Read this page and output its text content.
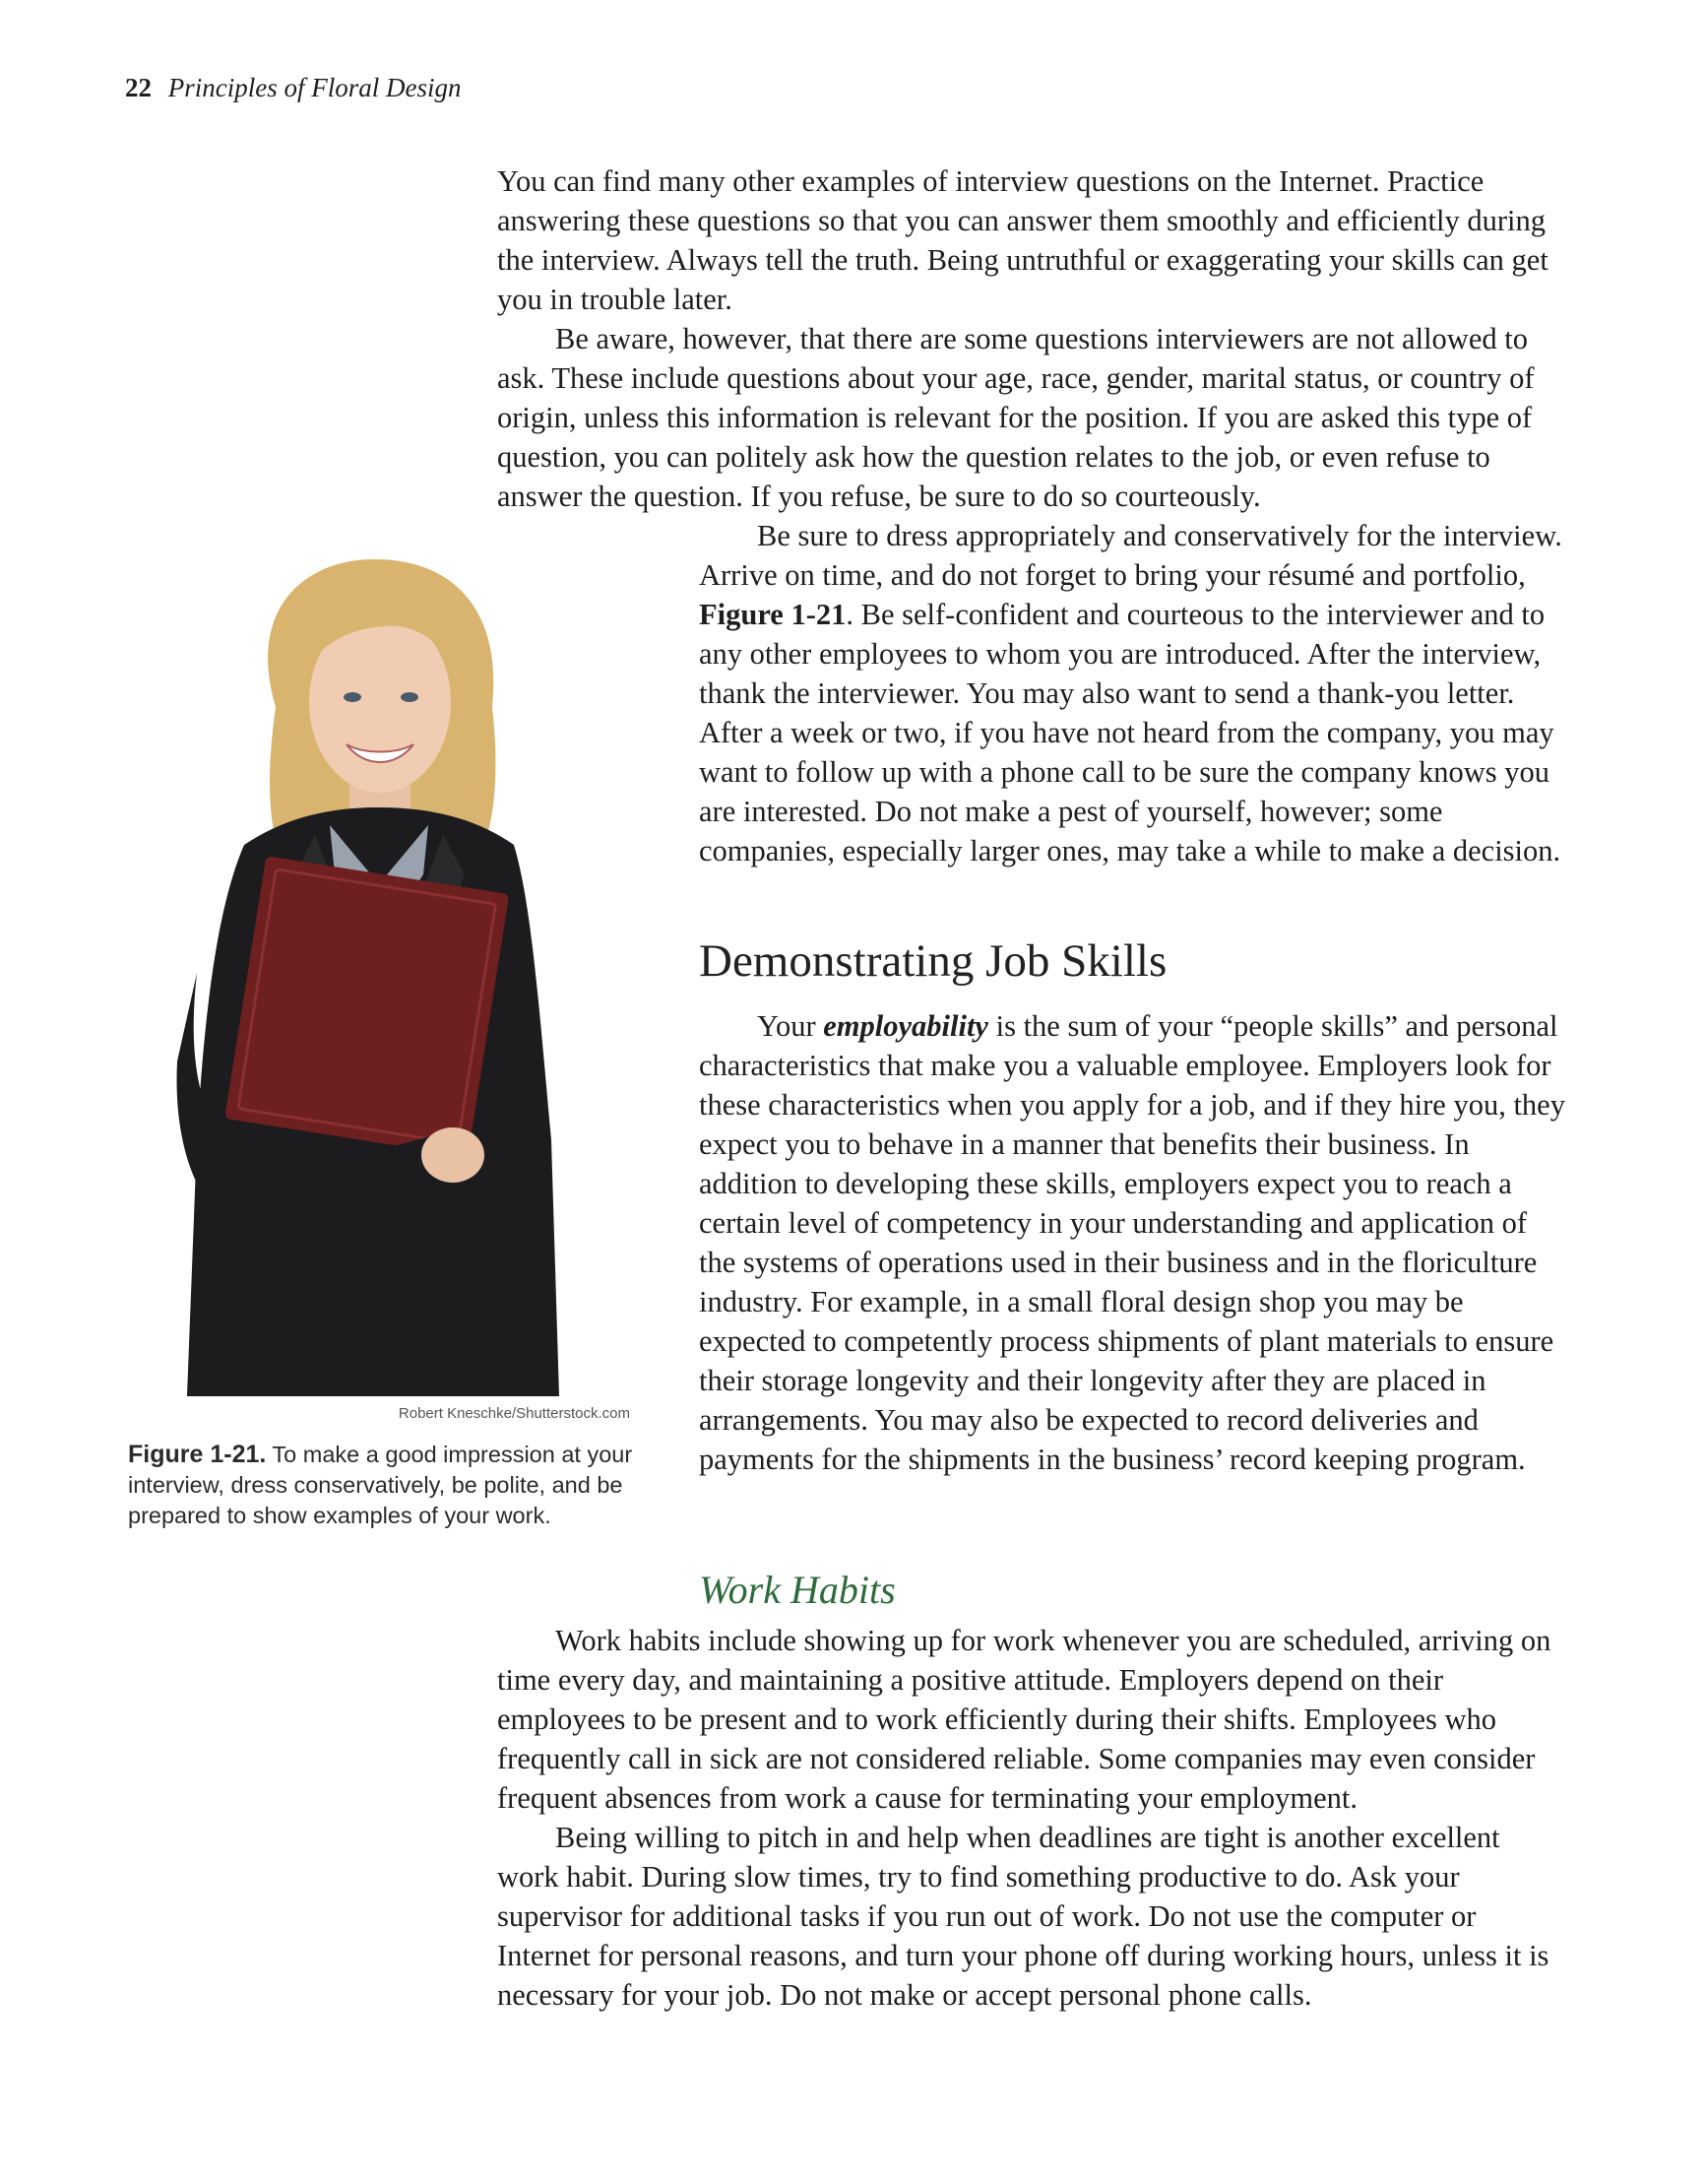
22 Principles of Floral Design

You can find many other examples of interview questions on the Internet. Practice answering these questions so that you can answer them smoothly and efficiently during the interview. Always tell the truth. Being untruthful or exaggerating your skills can get you in trouble later.

Be aware, however, that there are some questions interviewers are not allowed to ask. These include questions about your age, race, gender, marital status, or country of origin, unless this information is relevant for the position. If you are asked this type of question, you can politely ask how the question relates to the job, or even refuse to answer the question. If you refuse, be sure to do so courteously.

Be sure to dress appropriately and conservatively for the interview. Arrive on time, and do not forget to bring your résumé and portfolio, Figure 1-21. Be self-confident and courteous to the interviewer and to any other employees to whom you are introduced. After the interview, thank the interviewer. You may also want to send a thank-you letter. After a week or two, if you have not heard from the company, you may want to follow up with a phone call to be sure the company knows you are interested. Do not make a pest of yourself, however; some companies, especially larger ones, may take a while to make a decision.

Demonstrating Job Skills

Your employability is the sum of your “people skills” and personal characteristics that make you a valuable employee. Employers look for these characteristics when you apply for a job, and if they hire you, they expect you to behave in a manner that benefits their business. In addition to developing these skills, employers expect you to reach a certain level of competency in your understanding and application of the systems of operations used in their business and in the floriculture industry. For example, in a small floral design shop you may be expected to competently process shipments of plant materials to ensure their storage longevity and their longevity after they are placed in arrangements. You may also be expected to record deliveries and payments for the shipments in the business’ record keeping program.

Work Habits

Work habits include showing up for work whenever you are scheduled, arriving on time every day, and maintaining a positive attitude. Employers depend on their employees to be present and to work efficiently during their shifts. Employees who frequently call in sick are not considered reliable. Some companies may even consider frequent absences from work a cause for terminating your employment.

Being willing to pitch in and help when deadlines are tight is another excellent work habit. During slow times, try to find something productive to do. Ask your supervisor for additional tasks if you run out of work. Do not use the computer or Internet for personal reasons, and turn your phone off during working hours, unless it is necessary for your job. Do not make or accept personal phone calls.

Robert Kneschke/Shutterstock.com
Figure 1-21. To make a good impression at your interview, dress conservatively, be polite, and be prepared to show examples of your work.
